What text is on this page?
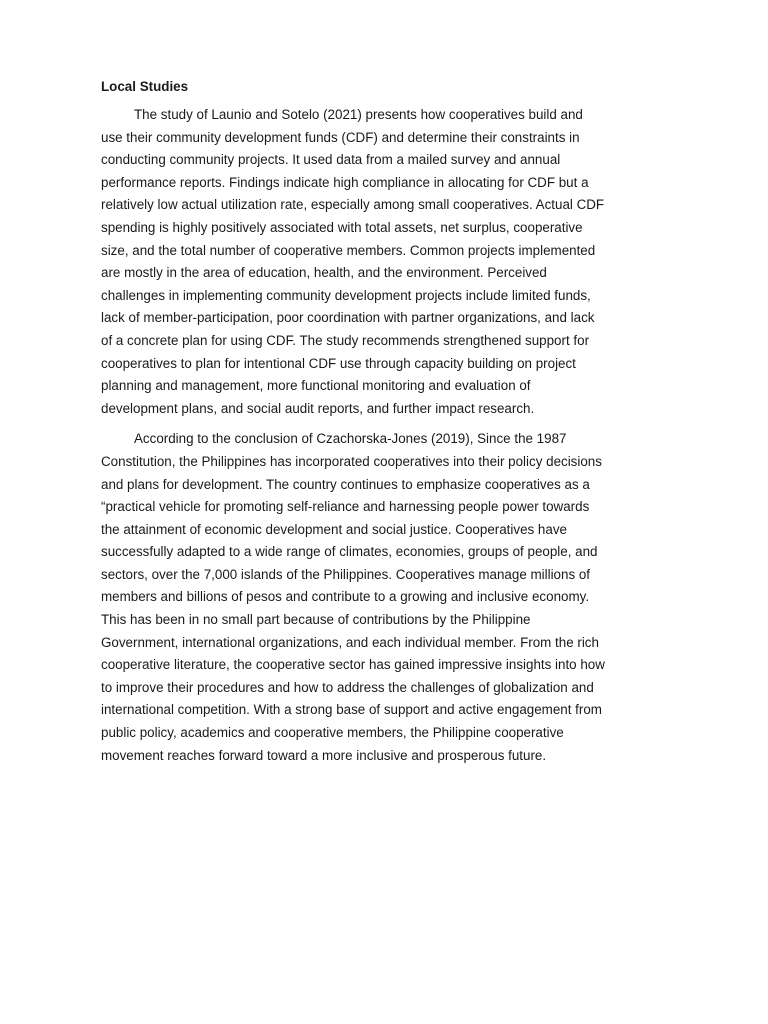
Local Studies
The study of Launio and Sotelo (2021) presents how cooperatives build and
use their community development funds (CDF) and determine their constraints in
conducting community projects. It used data from a mailed survey and annual
performance reports. Findings indicate high compliance in allocating for CDF but a
relatively low actual utilization rate, especially among small cooperatives. Actual CDF
spending is highly positively associated with total assets, net surplus, cooperative
size, and the total number of cooperative members. Common projects implemented
are mostly in the area of education, health, and the environment. Perceived
challenges in implementing community development projects include limited funds,
lack of member-participation, poor coordination with partner organizations, and lack
of a concrete plan for using CDF. The study recommends strengthened support for
cooperatives to plan for intentional CDF use through capacity building on project
planning and management, more functional monitoring and evaluation of
development plans, and social audit reports, and further impact research.
According to the conclusion of Czachorska-Jones (2019), Since the 1987
Constitution, the Philippines has incorporated cooperatives into their policy decisions
and plans for development. The country continues to emphasize cooperatives as a
“practical vehicle for promoting self-reliance and harnessing people power towards
the attainment of economic development and social justice. Cooperatives have
successfully adapted to a wide range of climates, economies, groups of people, and
sectors, over the 7,000 islands of the Philippines. Cooperatives manage millions of
members and billions of pesos and contribute to a growing and inclusive economy.
This has been in no small part because of contributions by the Philippine
Government, international organizations, and each individual member. From the rich
cooperative literature, the cooperative sector has gained impressive insights into how
to improve their procedures and how to address the challenges of globalization and
international competition. With a strong base of support and active engagement from
public policy, academics and cooperative members, the Philippine cooperative
movement reaches forward toward a more inclusive and prosperous future.
